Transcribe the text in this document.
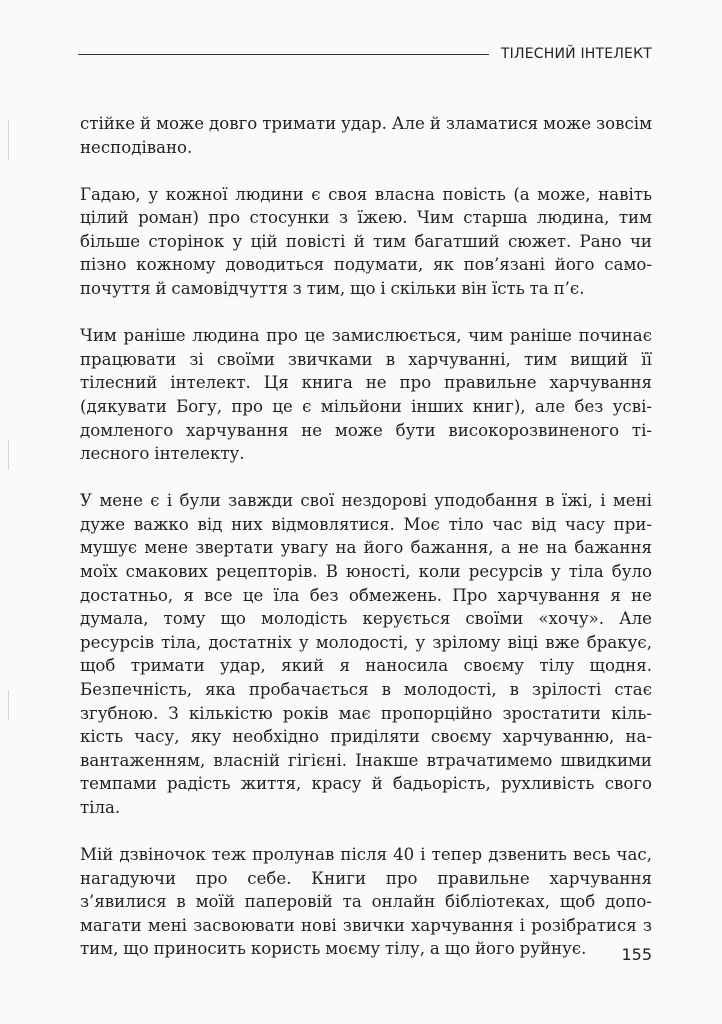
ТІЛЕСНИЙ ІНТЕЛЕКТ

стійке й може довго тримати удар. Але й зламатися може зовсім несподівано.

Гадаю, у кожної людини є своя власна повість (а може, навіть цілий роман) про стосунки з їжею. Чим старша людина, тим більше сторінок у цій повісті й тим багатший сюжет. Рано чи пізно кожному доводиться подумати, як пов’язані його самопочуття й самовідчуття з тим, що і скільки він їсть та п’є.

Чим раніше людина про це замислюється, чим раніше починає працювати зі своїми звичками в харчуванні, тим вищий її тілесний інтелект. Ця книга не про правильне харчування (дякувати Богу, про це є мільйони інших книг), але без усвідомленого харчування не може бути високорозвиненого тілесного інтелекту.

У мене є і були завжди свої нездорові уподобання в їжі, і мені дуже важко від них відмовлятися. Моє тіло час від часу примушує мене звертати увагу на його бажання, а не на бажання моїх смакових рецепторів. В юності, коли ресурсів у тіла було достатньо, я все це їла без обмежень. Про харчування я не думала, тому що молодість керується своїми «хочу». Але ресурсів тіла, достатніх у молодості, у зрілому віці вже бракує, щоб тримати удар, який я наносила своєму тілу щодня. Безпечність, яка пробачається в молодості, в зрілості стає згубною. З кількістю років має пропорційно зростатити кількість часу, яку необхідно приділяти своєму харчуванню, навантаженням, власній гігієні. Інакше втрачатимемо швидкими темпами радість життя, красу й бадьорість, рухливість свого тіла.

Мій дзвіночок теж пролунав після 40 і тепер дзвенить весь час, нагадуючи про себе. Книги про правильне харчування з’явилися в моїй паперовій та онлайн бібліотеках, щоб допомагати мені засвоювати нові звички харчування і розібратися з тим, що приносить користь моєму тілу, а що його руйнує.	155
